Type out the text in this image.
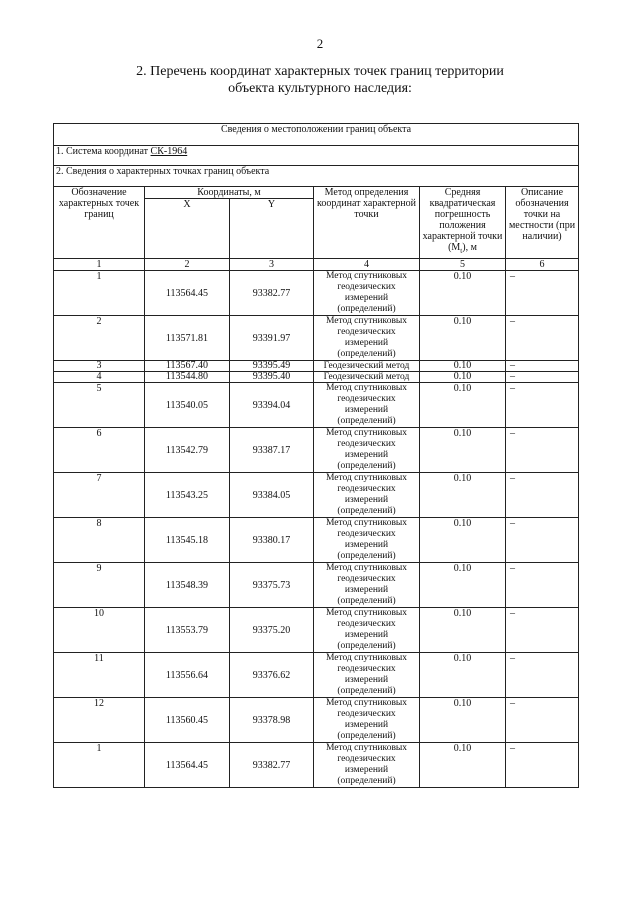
2
2. Перечень координат характерных точек границ территории
объекта культурного наследия:
Сведения о местоположении границ объекта					
1. Система координат СК-1964					
2. Сведения о характерных точках границ объекта					
Обозначение характерных точек границ	Координаты, м		Метод определения координат характерной точки	Средняя квадратическая погрешность положения характерной точки $(M_t)$, м	Описание обозначения точки на местности (при наличии)
	X	Y			
1	2	3	4	5	6
1	113564.45	93382.77	Метод спутниковых геодезических измерений (определений)	0.10	–
2	113571.81	93391.97	Метод спутниковых геодезических измерений (определений)	0.10	–
3	113567.40	93395.49	Геодезический метод	0.10	–
4	113544.80	93395.40	Геодезический метод	0.10	–
5	113540.05	93394.04	Метод спутниковых геодезических измерений (определений)	0.10	–
6	113542.79	93387.17	Метод спутниковых геодезических измерений (определений)	0.10	–
7	113543.25	93384.05	Метод спутниковых геодезических измерений (определений)	0.10	–
8	113545.18	93380.17	Метод спутниковых геодезических измерений (определений)	0.10	–
9	113548.39	93375.73	Метод спутниковых геодезических измерений (определений)	0.10	–
10	113553.79	93375.20	Метод спутниковых геодезических измерений (определений)	0.10	–
11	113556.64	93376.62	Метод спутниковых геодезических измерений (определений)	0.10	–
12	113560.45	93378.98	Метод спутниковых геодезических измерений (определений)	0.10	–
1	113564.45	93382.77	Метод спутниковых геодезических измерений (определений)	0.10	–
